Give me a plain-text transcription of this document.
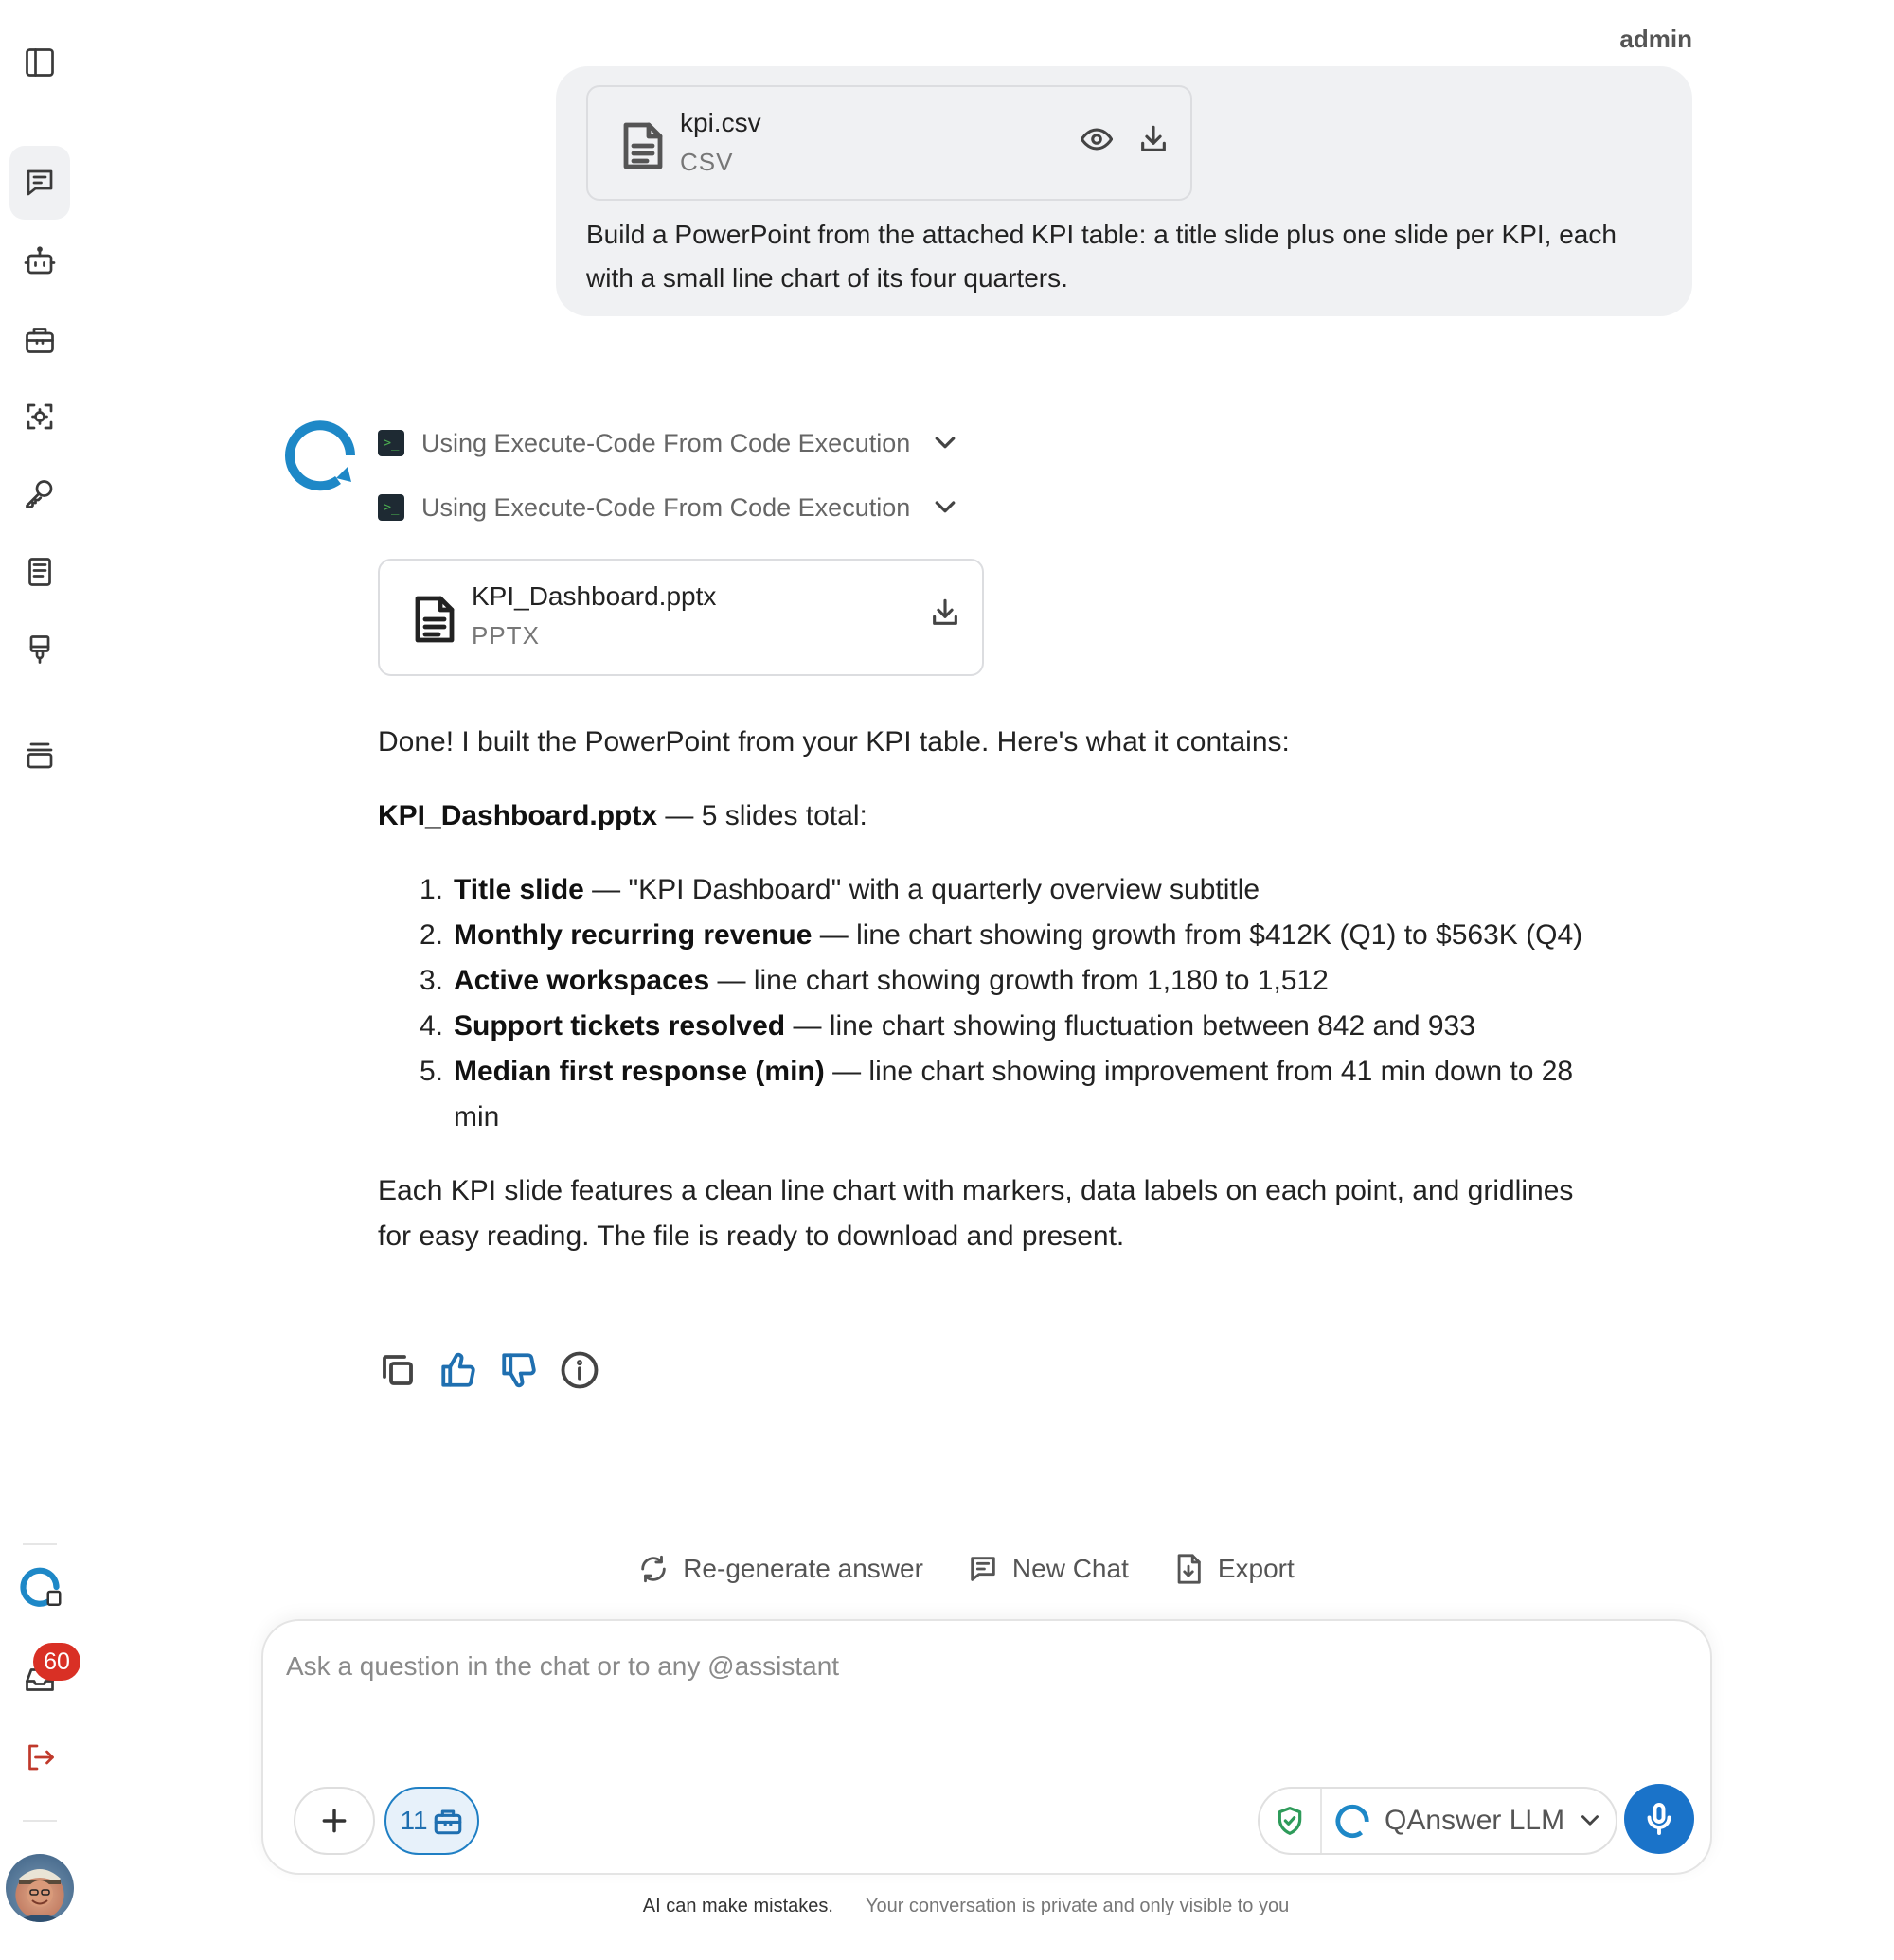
60
admin
kpi.csv
CSV
Build a PowerPoint from the attached KPI table: a title slide plus one slide per KPI, each with a small line chart of its four quarters.
>_ Using Execute-Code From Code Execution
>_ Using Execute-Code From Code Execution
KPI_Dashboard.pptx
PPTX

Done! I built the PowerPoint from your KPI table. Here's what it contains:

KPI_Dashboard.pptx — 5 slides total:

1. Title slide — "KPI Dashboard" with a quarterly overview subtitle
2. Monthly recurring revenue — line chart showing growth from $412K (Q1) to $563K (Q4)
3. Active workspaces — line chart showing growth from 1,180 to 1,512
4. Support tickets resolved — line chart showing fluctuation between 842 and 933
5. Median first response (min) — line chart showing improvement from 41 min down to 28 min

Each KPI slide features a clean line chart with markers, data labels on each point, and gridlines for easy reading. The file is ready to download and present.

Re-generate answer	New Chat	Export
Ask a question in the chat or to any @assistant
11	QAnswer LLM
AI can make mistakes. Your conversation is private and only visible to you
